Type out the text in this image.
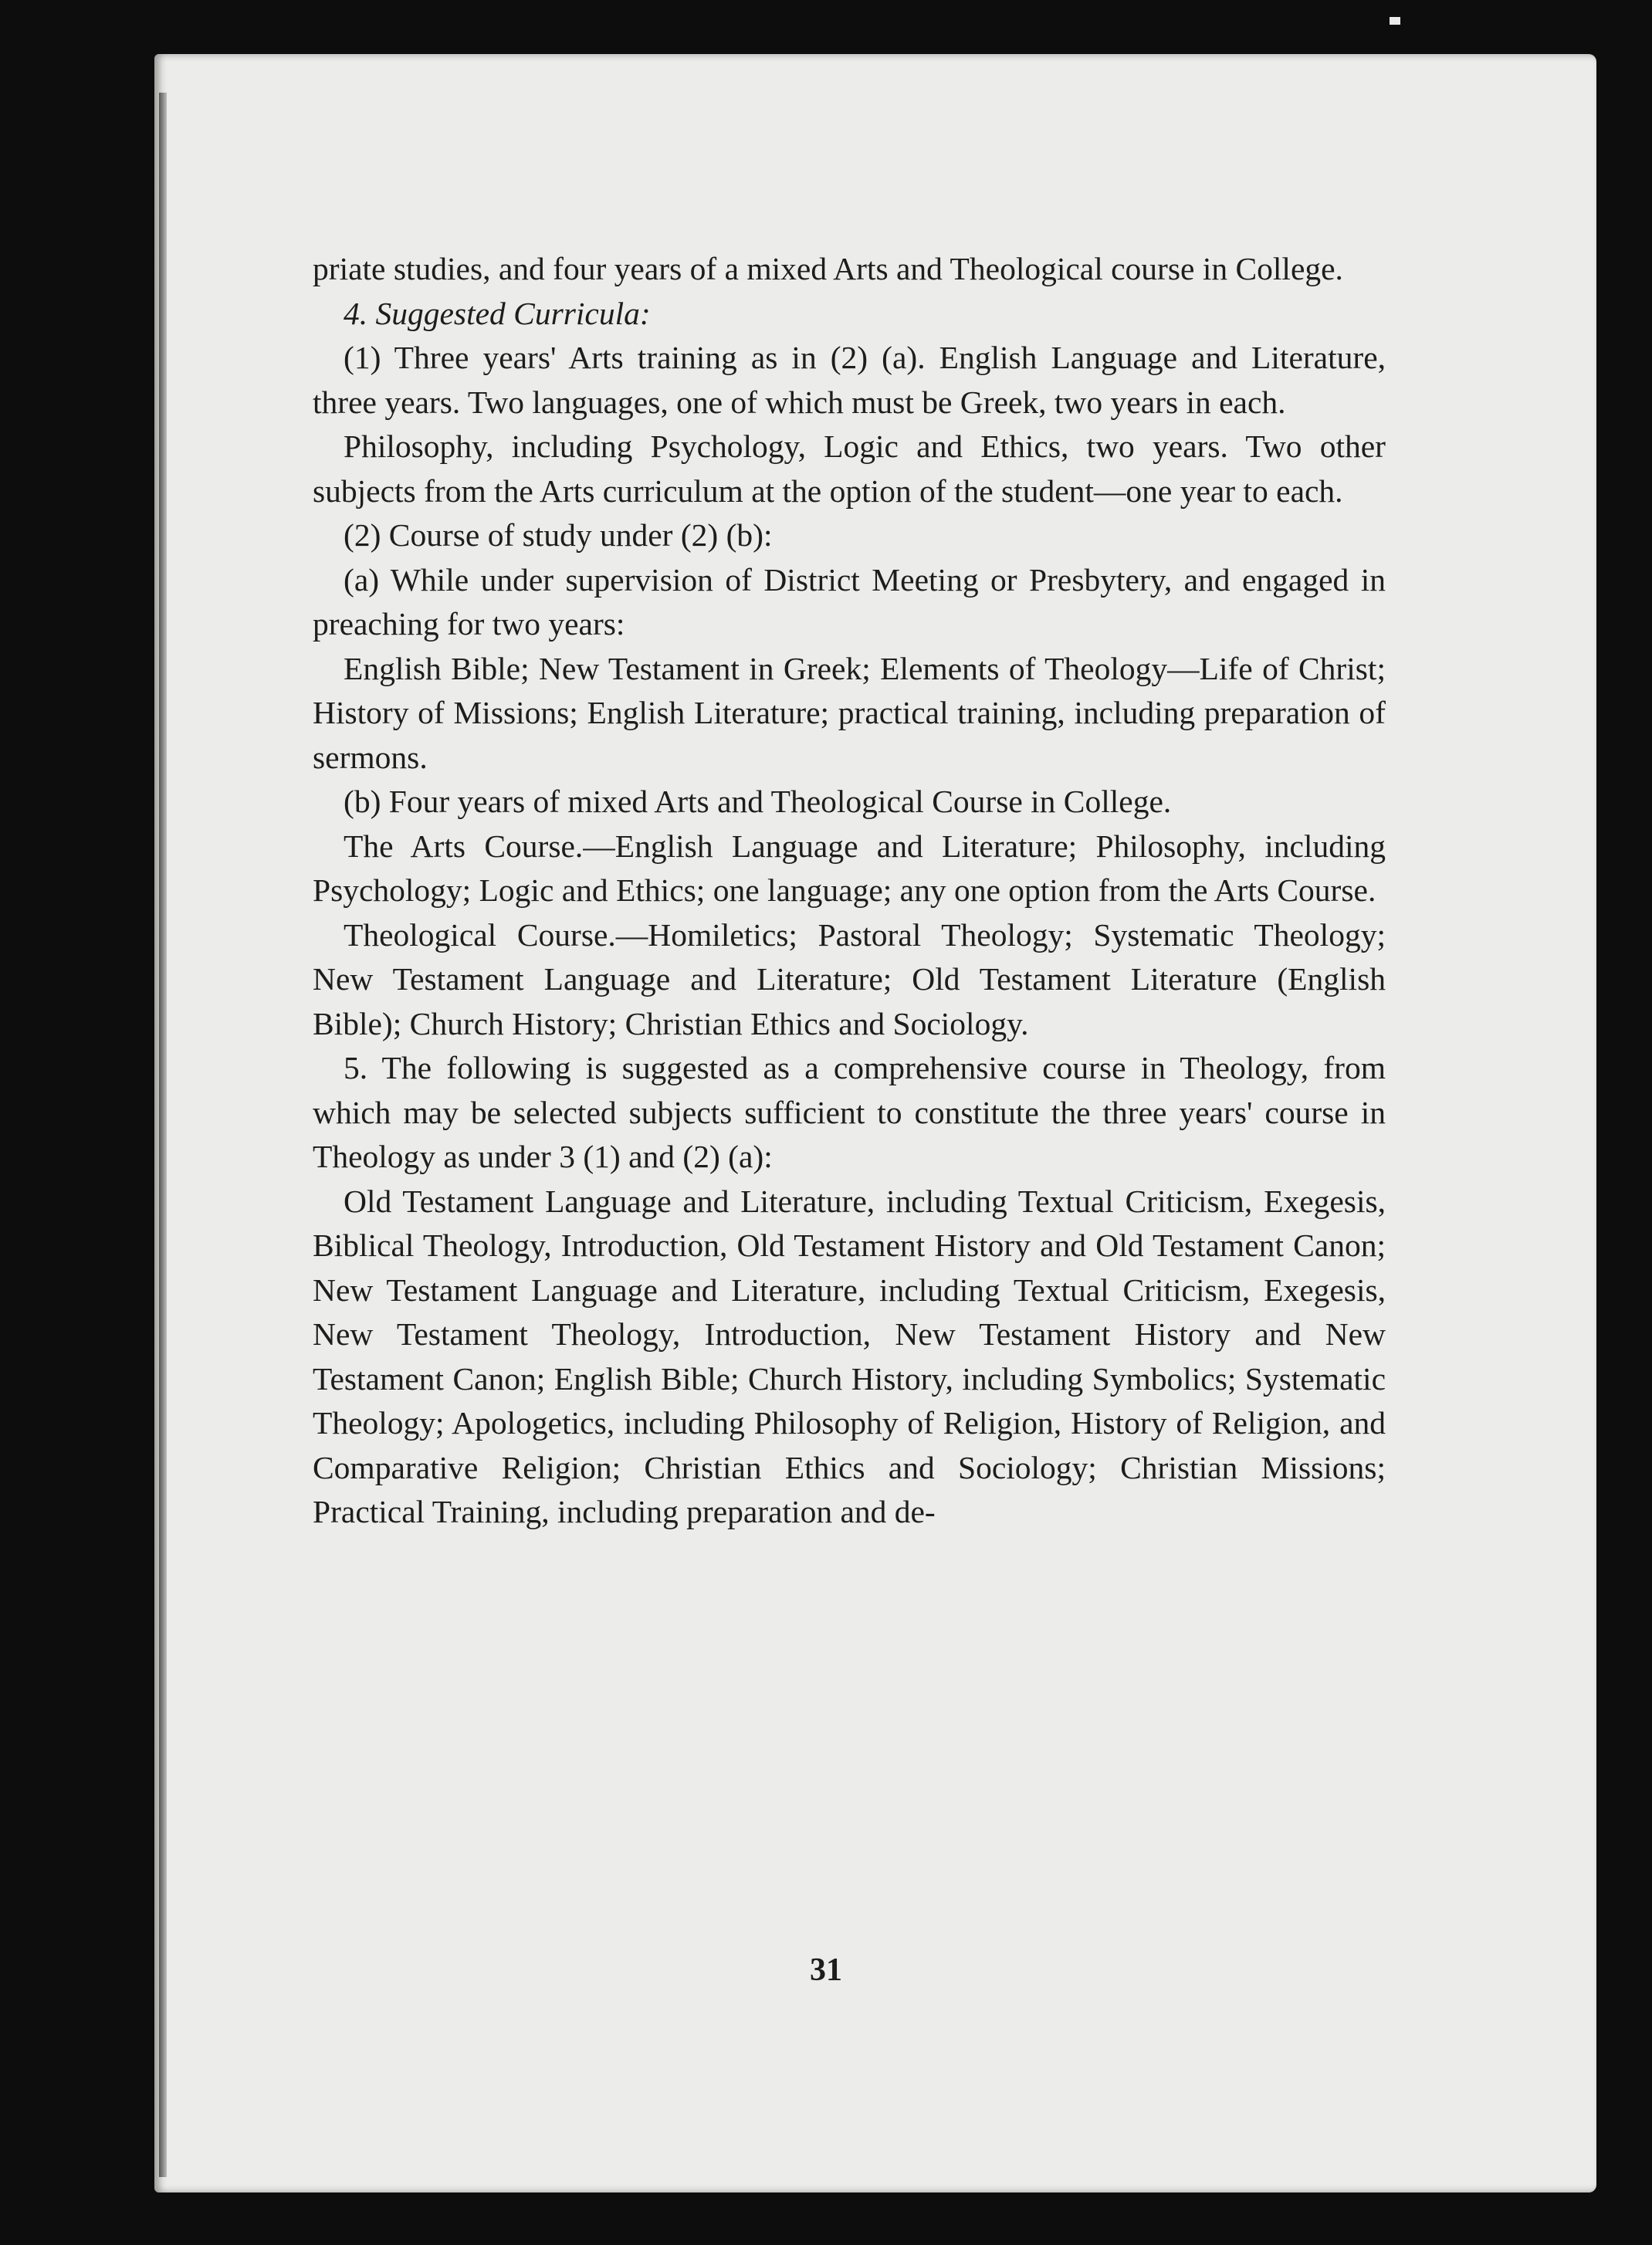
priate studies, and four years of a mixed Arts and Theological course in College.

4. Suggested Curricula:

(1) Three years' Arts training as in (2) (a). English Language and Literature, three years. Two languages, one of which must be Greek, two years in each.

Philosophy, including Psychology, Logic and Ethics, two years. Two other subjects from the Arts curriculum at the option of the student—one year to each.

(2) Course of study under (2) (b):

(a) While under supervision of District Meeting or Presbytery, and engaged in preaching for two years:

English Bible; New Testament in Greek; Elements of Theology—Life of Christ; History of Missions; English Literature; practical training, including preparation of sermons.

(b) Four years of mixed Arts and Theological Course in College.

The Arts Course.—English Language and Literature; Philosophy, including Psychology; Logic and Ethics; one language; any one option from the Arts Course.

Theological Course.—Homiletics; Pastoral Theology; Systematic Theology; New Testament Language and Literature; Old Testament Literature (English Bible); Church History; Christian Ethics and Sociology.

5. The following is suggested as a comprehensive course in Theology, from which may be selected subjects sufficient to constitute the three years' course in Theology as under 3 (1) and (2) (a):

Old Testament Language and Literature, including Textual Criticism, Exegesis, Biblical Theology, Introduction, Old Testament History and Old Testament Canon; New Testament Language and Literature, including Textual Criticism, Exegesis, New Testament Theology, Introduction, New Testament History and New Testament Canon; English Bible; Church History, including Symbolics; Systematic Theology; Apologetics, including Philosophy of Religion, History of Religion, and Comparative Religion; Christian Ethics and Sociology; Christian Missions; Practical Training, including preparation and de-

31
